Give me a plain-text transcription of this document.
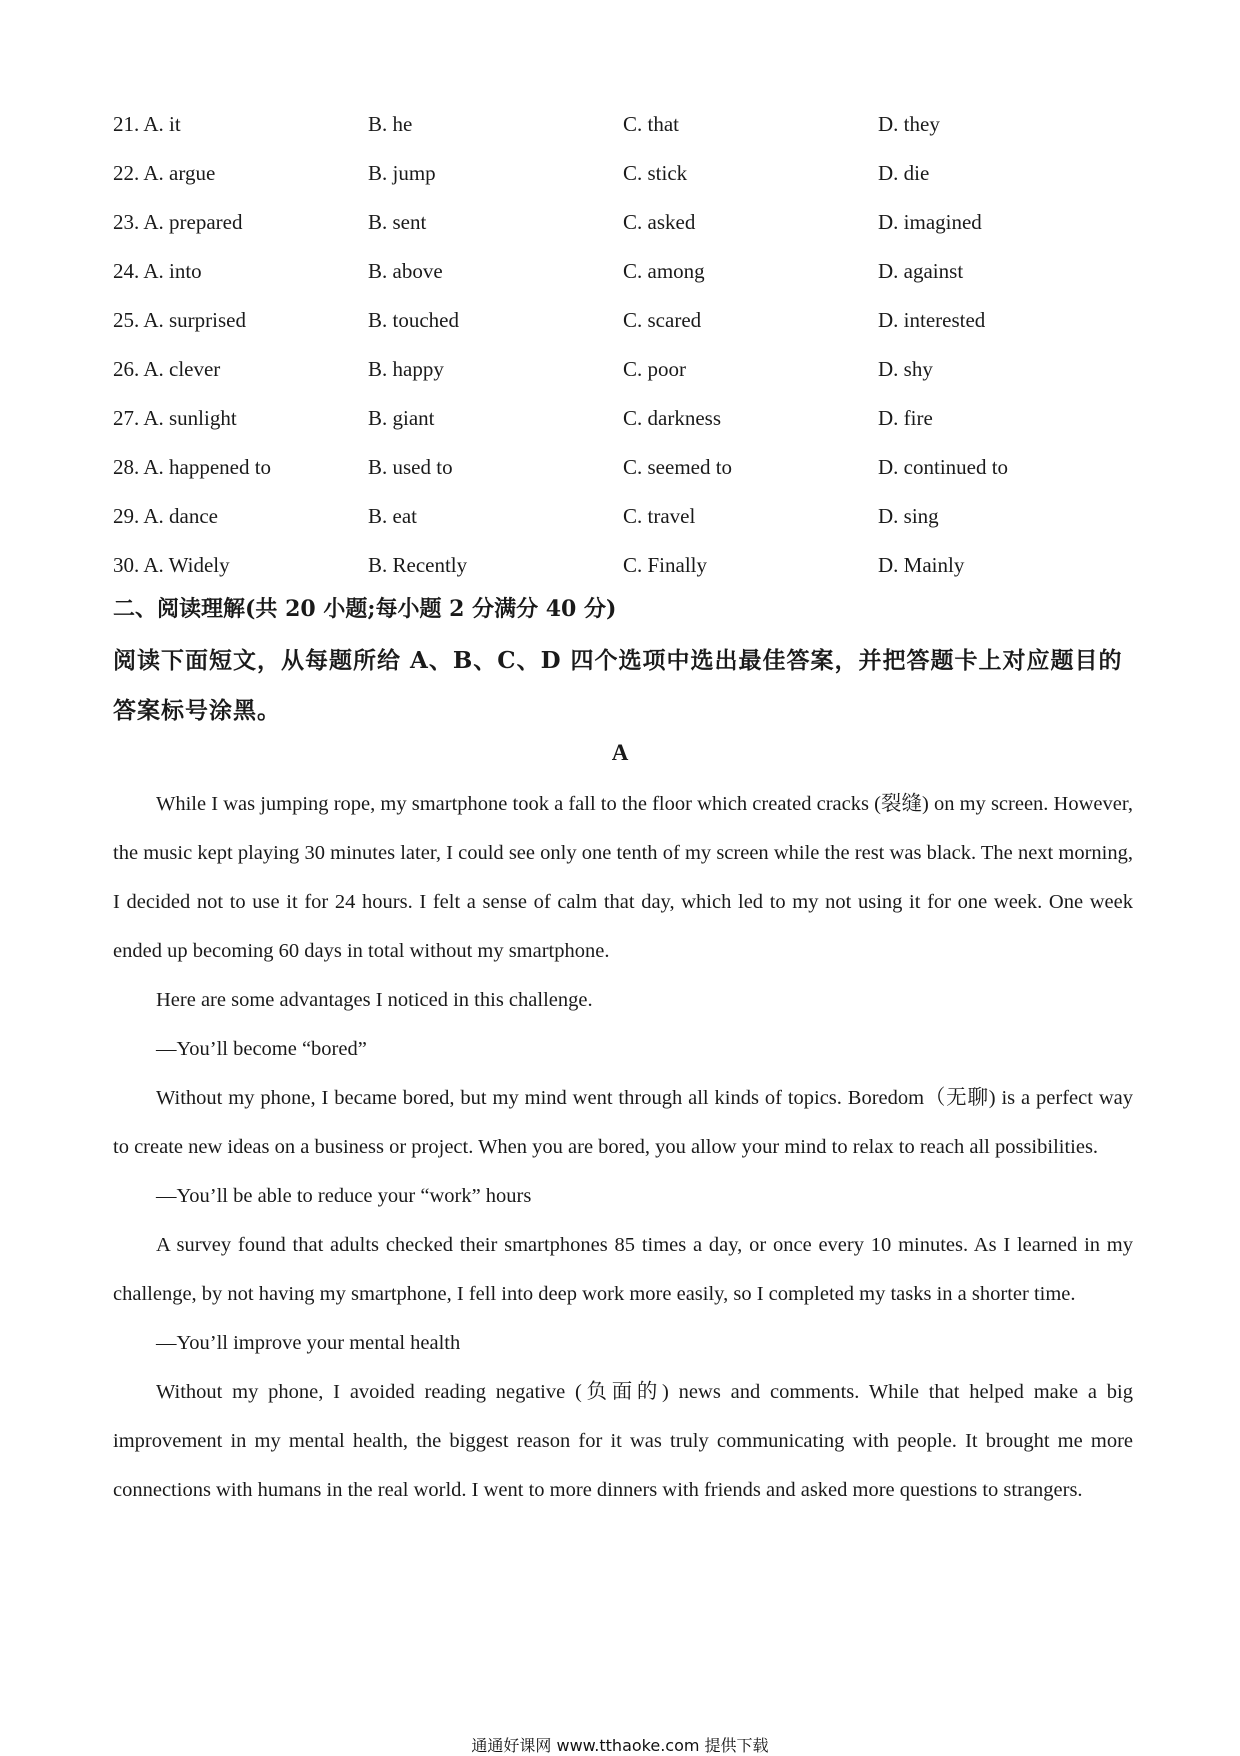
21. A. it	B. he	C. that	D. they
22. A. argue	B. jump	C. stick	D. die
23. A. prepared	B. sent	C. asked	D. imagined
24. A. into	B. above	C. among	D. against
25. A. surprised	B. touched	C. scared	D. interested
26. A. clever	B. happy	C. poor	D. shy
27. A. sunlight	B. giant	C. darkness	D. fire
28. A. happened to	B. used to	C. seemed to	D. continued to
29. A. dance	B. eat	C. travel	D. sing
30. A. Widely	B. Recently	C. Finally	D. Mainly
二、阅读理解(共 20 小题;每小题 2 分满分 40 分)
阅读下面短文，从每题所给 A、B、C、D 四个选项中选出最佳答案，并把答题卡上对应题目的答案标号涂黑。
A

While I was jumping rope, my smartphone took a fall to the floor which created cracks (裂缝) on my screen. However, the music kept playing 30 minutes later, I could see only one tenth of my screen while the rest was black. The next morning, I decided not to use it for 24 hours. I felt a sense of calm that day, which led to my not using it for one week. One week ended up becoming 60 days in total without my smartphone.

Here are some advantages I noticed in this challenge.

—You’ll become “bored”

Without my phone, I became bored, but my mind went through all kinds of topics. Boredom（无聊) is a perfect way to create new ideas on a business or project. When you are bored, you allow your mind to relax to reach all possibilities.

—You’ll be able to reduce your “work” hours

A survey found that adults checked their smartphones 85 times a day, or once every 10 minutes. As I learned in my challenge, by not having my smartphone, I fell into deep work more easily, so I completed my tasks in a shorter time.

—You’ll improve your mental health

Without my phone, I avoided reading negative (负面的) news and comments. While that helped make a big improvement in my mental health, the biggest reason for it was truly communicating with people. It brought me more connections with humans in the real world. I went to more dinners with friends and asked more questions to strangers.

通通好课网 www.tthaoke.com 提供下载
